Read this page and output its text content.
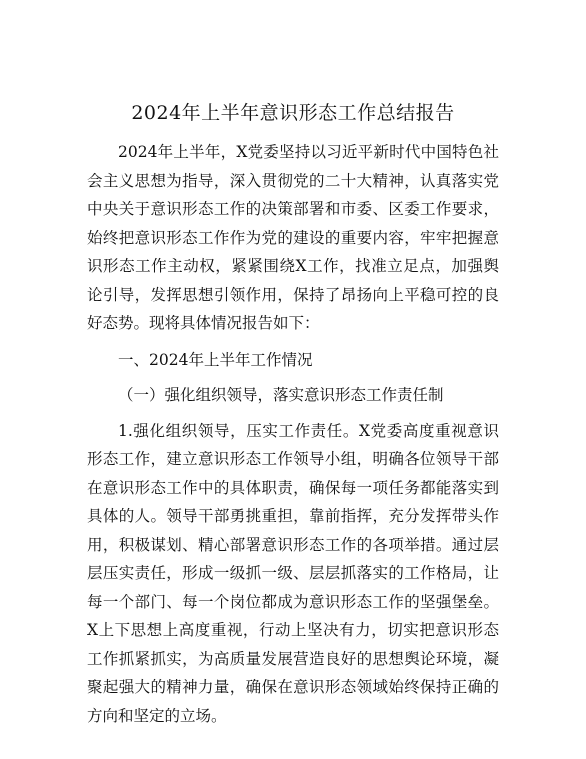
2024年上半年意识形态工作总结报告

2024年上半年，X党委坚持以习近平新时代中国特色社会主义思想为指导，深入贯彻党的二十大精神，认真落实党中央关于意识形态工作的决策部署和市委、区委工作要求，始终把意识形态工作作为党的建设的重要内容，牢牢把握意识形态工作主动权，紧紧围绕X工作，找准立足点，加强舆论引导，发挥思想引领作用，保持了昂扬向上平稳可控的良好态势。现将具体情况报告如下：

一、2024年上半年工作情况

（一）强化组织领导，落实意识形态工作责任制

1.强化组织领导，压实工作责任。X党委高度重视意识形态工作，建立意识形态工作领导小组，明确各位领导干部在意识形态工作中的具体职责，确保每一项任务都能落实到具体的人。领导干部勇挑重担，靠前指挥，充分发挥带头作用，积极谋划、精心部署意识形态工作的各项举措。通过层层压实责任，形成一级抓一级、层层抓落实的工作格局，让每一个部门、每一个岗位都成为意识形态工作的坚强堡垒。X上下思想上高度重视，行动上坚决有力，切实把意识形态工作抓紧抓实，为高质量发展营造良好的思想舆论环境，凝聚起强大的精神力量，确保在意识形态领域始终保持正确的方向和坚定的立场。
